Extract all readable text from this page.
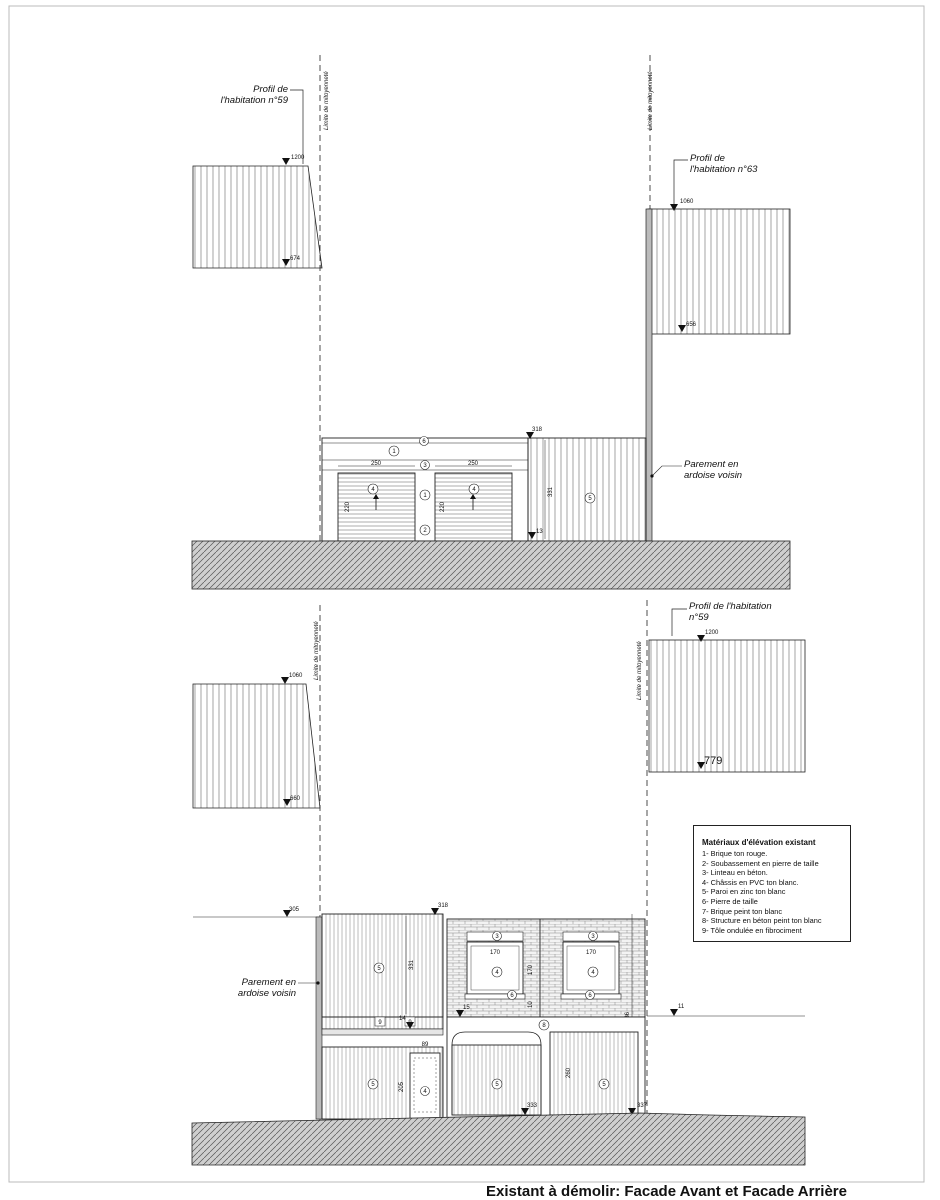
Limite de mitoyenneté	Limite de mitoyenneté
Profil de
l'habitation n°59
1200
674
Profil de
l'habitation n°63
1060
656
250	250
220	220
331
318
13
1
6
3
4	4
1
2
5
Parement en
ardoise voisin
Limite de mitoyenneté	Limite de mitoyenneté
1060
660
Profil de l'habitation
n°59
1200
779
305
11
318
331
5
9
14
5
89
205	4
3
170
170
4
6
10
3
170
4
6
15
8
260
5	5
333	337
Parement en
ardoise voisin
Matériaux d'élévation existant
1- Brique ton rouge.
2- Soubassement en pierre de taille
3- Linteau en béton.
4- Châssis en PVC ton blanc.
5- Paroi en zinc ton blanc
6- Pierre de taille
7- Brique peint ton blanc
8- Structure en béton peint ton blanc
9- Tôle ondulée en fibrociment
Existant à démolir: Facade Avant et Facade Arrière
